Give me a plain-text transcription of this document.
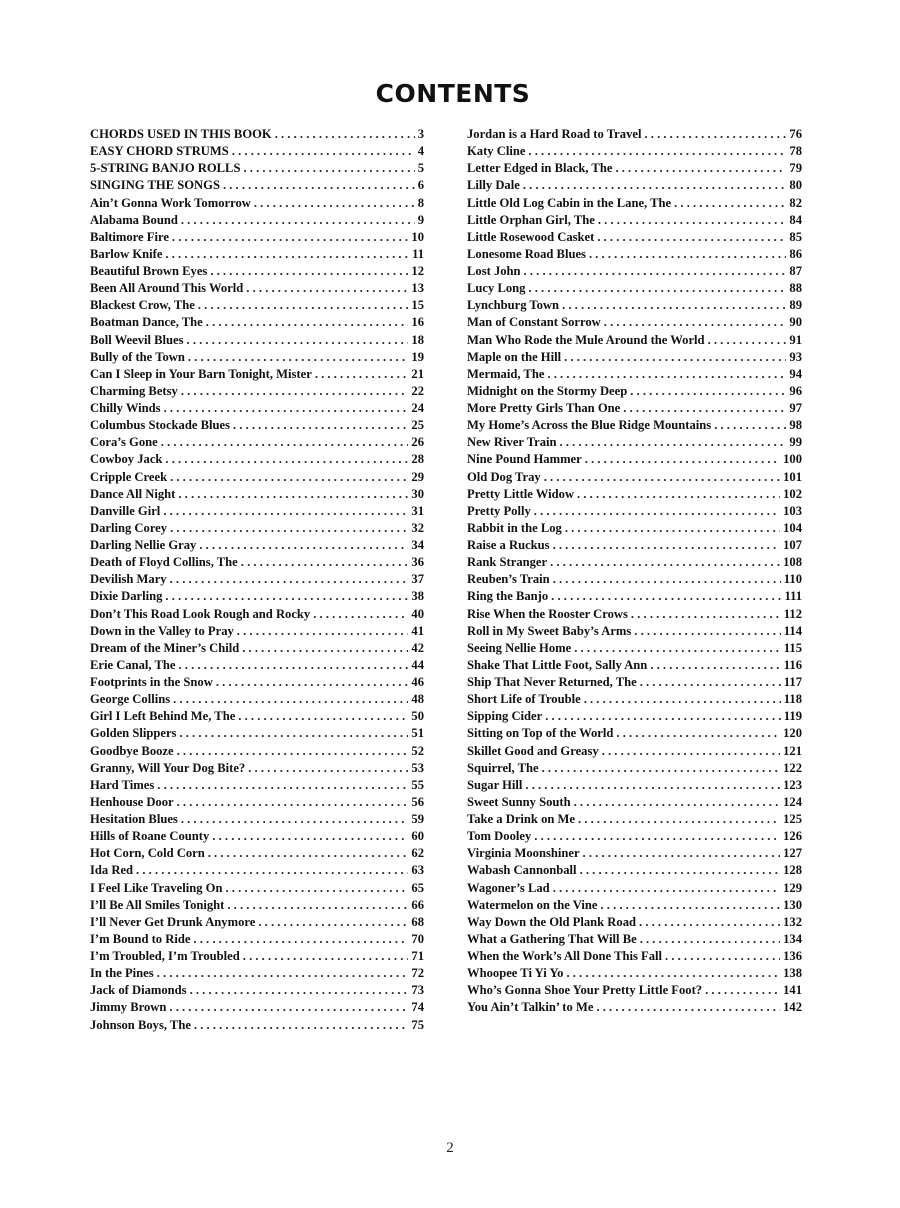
CONTENTS
CHORDS USED IN THIS BOOK . . .	3
EASY CHORD STRUMS . . .	4
5-STRING BANJO ROLLS . . .	5
SINGING THE SONGS . . .	6
Ain’t Gonna Work Tomorrow . . .	8
Alabama Bound . . .	9
Baltimore Fire . . .	10
Barlow Knife . . .	11
Beautiful Brown Eyes . . .	12
Been All Around This World . . .	13
Blackest Crow, The . . .	15
Boatman Dance, The . . .	16
Boll Weevil Blues . . .	18
Bully of the Town . . .	19
Can I Sleep in Your Barn Tonight, Mister . . .	21
Charming Betsy . . .	22
Chilly Winds . . .	24
Columbus Stockade Blues . . .	25
Cora’s Gone . . .	26
Cowboy Jack . . .	28
Cripple Creek . . .	29
Dance All Night . . .	30
Danville Girl . . .	31
Darling Corey . . .	32
Darling Nellie Gray . . .	34
Death of Floyd Collins, The . . .	36
Devilish Mary . . .	37
Dixie Darling . . .	38
Don’t This Road Look Rough and Rocky . . .	40
Down in the Valley to Pray . . .	41
Dream of the Miner’s Child . . .	42
Erie Canal, The . . .	44
Footprints in the Snow . . .	46
George Collins . . .	48
Girl I Left Behind Me, The . . .	50
Golden Slippers . . .	51
Goodbye Booze . . .	52
Granny, Will Your Dog Bite? . . .	53
Hard Times . . .	55
Henhouse Door . . .	56
Hesitation Blues . . .	59
Hills of Roane County . . .	60
Hot Corn, Cold Corn . . .	62
Ida Red . . .	63
I Feel Like Traveling On . . .	65
I’ll Be All Smiles Tonight . . .	66
I’ll Never Get Drunk Anymore . . .	68
I’m Bound to Ride . . .	70
I’m Troubled, I’m Troubled . . .	71
In the Pines . . .	72
Jack of Diamonds . . .	73
Jimmy Brown . . .	74
Johnson Boys, The . . .	75
Jordan is a Hard Road to Travel . . .	76
Katy Cline . . .	78
Letter Edged in Black, The . . .	79
Lilly Dale . . .	80
Little Old Log Cabin in the Lane, The . . .	82
Little Orphan Girl, The . . .	84
Little Rosewood Casket . . .	85
Lonesome Road Blues . . .	86
Lost John . . .	87
Lucy Long . . .	88
Lynchburg Town . . .	89
Man of Constant Sorrow . . .	90
Man Who Rode the Mule Around the World . . .	91
Maple on the Hill . . .	93
Mermaid, The . . .	94
Midnight on the Stormy Deep . . .	96
More Pretty Girls Than One . . .	97
My Home’s Across the Blue Ridge Mountains . . .	98
New River Train . . .	99
Nine Pound Hammer . . .	100
Old Dog Tray . . .	101
Pretty Little Widow . . .	102
Pretty Polly . . .	103
Rabbit in the Log . . .	104
Raise a Ruckus . . .	107
Rank Stranger . . .	108
Reuben’s Train . . .	110
Ring the Banjo . . .	111
Rise When the Rooster Crows . . .	112
Roll in My Sweet Baby’s Arms . . .	114
Seeing Nellie Home . . .	115
Shake That Little Foot, Sally Ann . . .	116
Ship That Never Returned, The . . .	117
Short Life of Trouble . . .	118
Sipping Cider . . .	119
Sitting on Top of the World . . .	120
Skillet Good and Greasy . . .	121
Squirrel, The . . .	122
Sugar Hill . . .	123
Sweet Sunny South . . .	124
Take a Drink on Me . . .	125
Tom Dooley . . .	126
Virginia Moonshiner . . .	127
Wabash Cannonball . . .	128
Wagoner’s Lad . . .	129
Watermelon on the Vine . . .	130
Way Down the Old Plank Road . . .	132
What a Gathering That Will Be . . .	134
When the Work’s All Done This Fall . . .	136
Whoopee Ti Yi Yo . . .	138
Who’s Gonna Shoe Your Pretty Little Foot? . . .	141
You Ain’t Talkin’ to Me . . .	142
2
